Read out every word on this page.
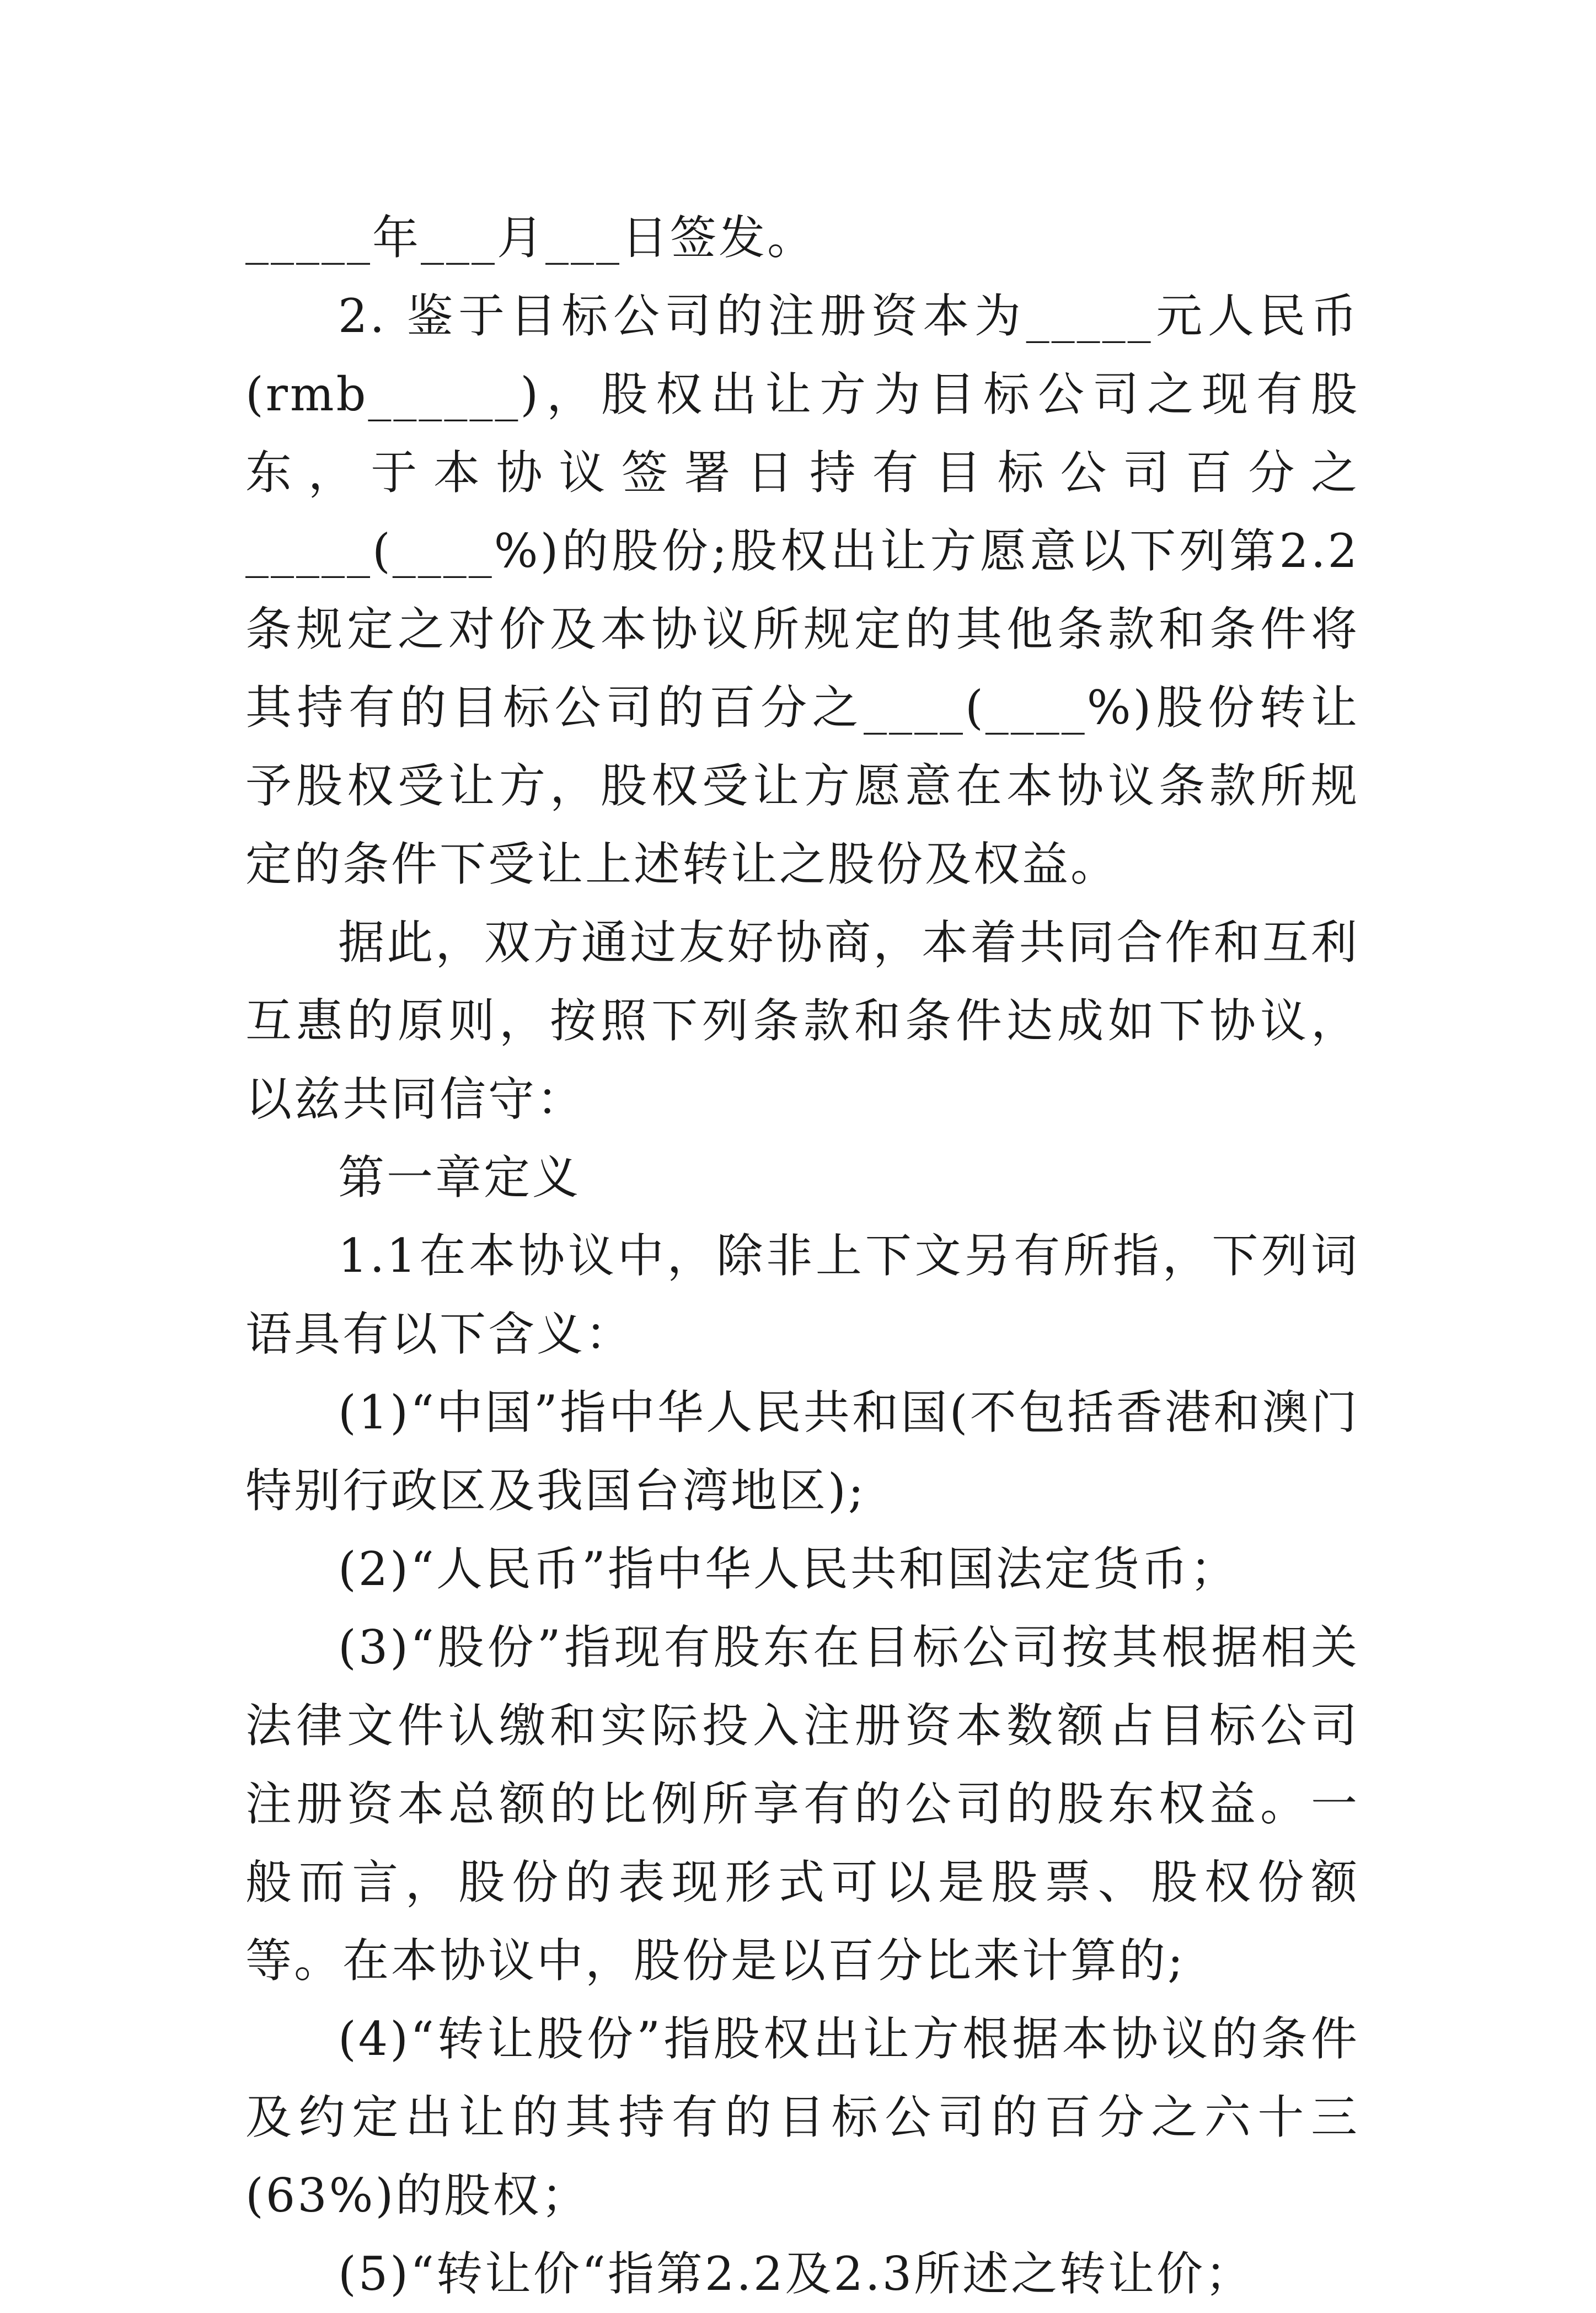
_____年___月___日签发。

2. 鉴于目标公司的注册资本为_____元人民币(rmb______)，股权出让方为目标公司之现有股东，于本协议签署日持有目标公司百分之_____(____%)的股份;股权出让方愿意以下列第2.2条规定之对价及本协议所规定的其他条款和条件将其持有的目标公司的百分之____(____%)股份转让予股权受让方，股权受让方愿意在本协议条款所规定的条件下受让上述转让之股份及权益。

据此，双方通过友好协商，本着共同合作和互利互惠的原则，按照下列条款和条件达成如下协议，以兹共同信守：

第一章定义

1.1在本协议中，除非上下文另有所指，下列词语具有以下含义：

(1)“中国”指中华人民共和国(不包括香港和澳门特别行政区及我国台湾地区);

(2)“人民币”指中华人民共和国法定货币；

(3)“股份”指现有股东在目标公司按其根据相关法律文件认缴和实际投入注册资本数额占目标公司注册资本总额的比例所享有的公司的股东权益。一般而言，股份的表现形式可以是股票、股权份额等。在本协议中，股份是以百分比来计算的;

(4)“转让股份”指股权出让方根据本协议的条件及约定出让的其持有的目标公司的百分之六十三(63%)的股权；

(5)“转让价“指第2.2及2.3所述之转让价；
